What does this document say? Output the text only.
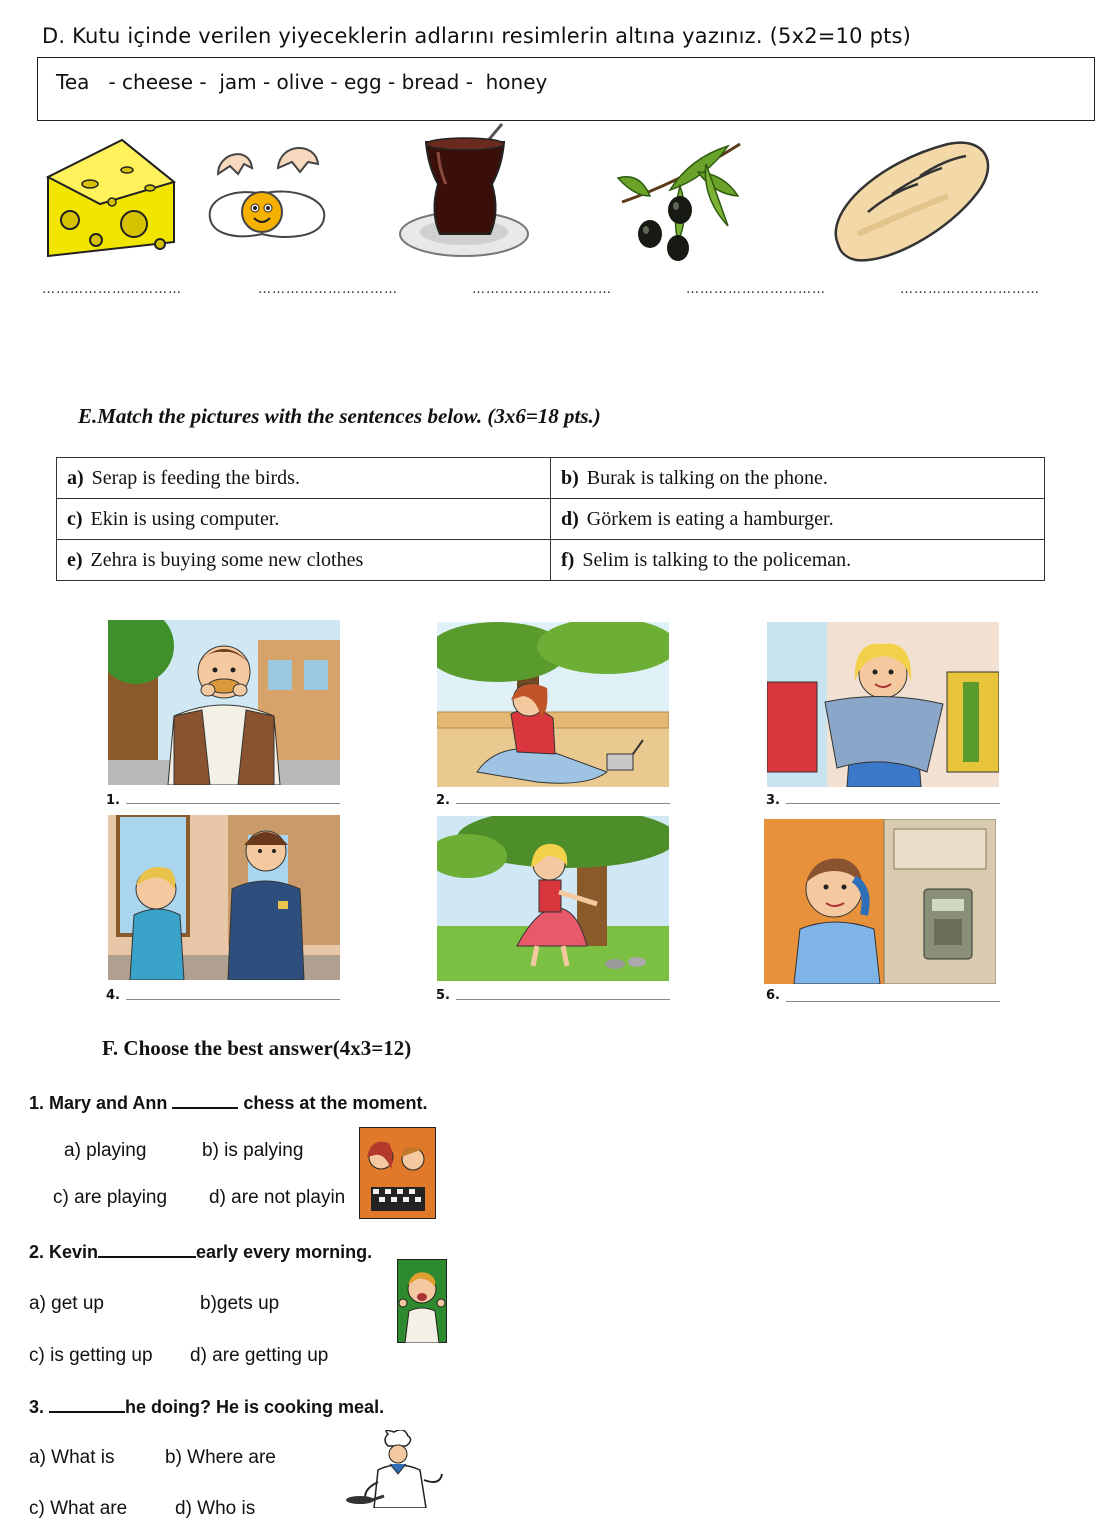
D. Kutu içinde verilen yiyeceklerin adlarını resimlerin altına yazınız. (5x2=10 pts)
Tea   - cheese -  jam - olive - egg - bread -  honey
…………………………	…………………………	…………………………	…………………………	…………………………
E.Match the pictures with the sentences below. (3x6=18 pts.)
a) Serap is feeding the birds.	b) Burak is talking on the phone.
c) Ekin is using computer.	d) Görkem is eating a hamburger.
e) Zehra is buying some new clothes	f) Selim is talking to the policeman.
1.	2.	3.
4.	5.	6.
F. Choose the best answer(4x3=12)
1. Mary and Ann	chess at the moment.
a) playing	b) is palying
c) are playing d) are not playin
2. Kevin	early every morning.
a) get up	b)gets up
c) is getting up d) are getting up
3.	he doing? He is cooking meal.
a) What is	b) Where are
c) What are	d) Who is
